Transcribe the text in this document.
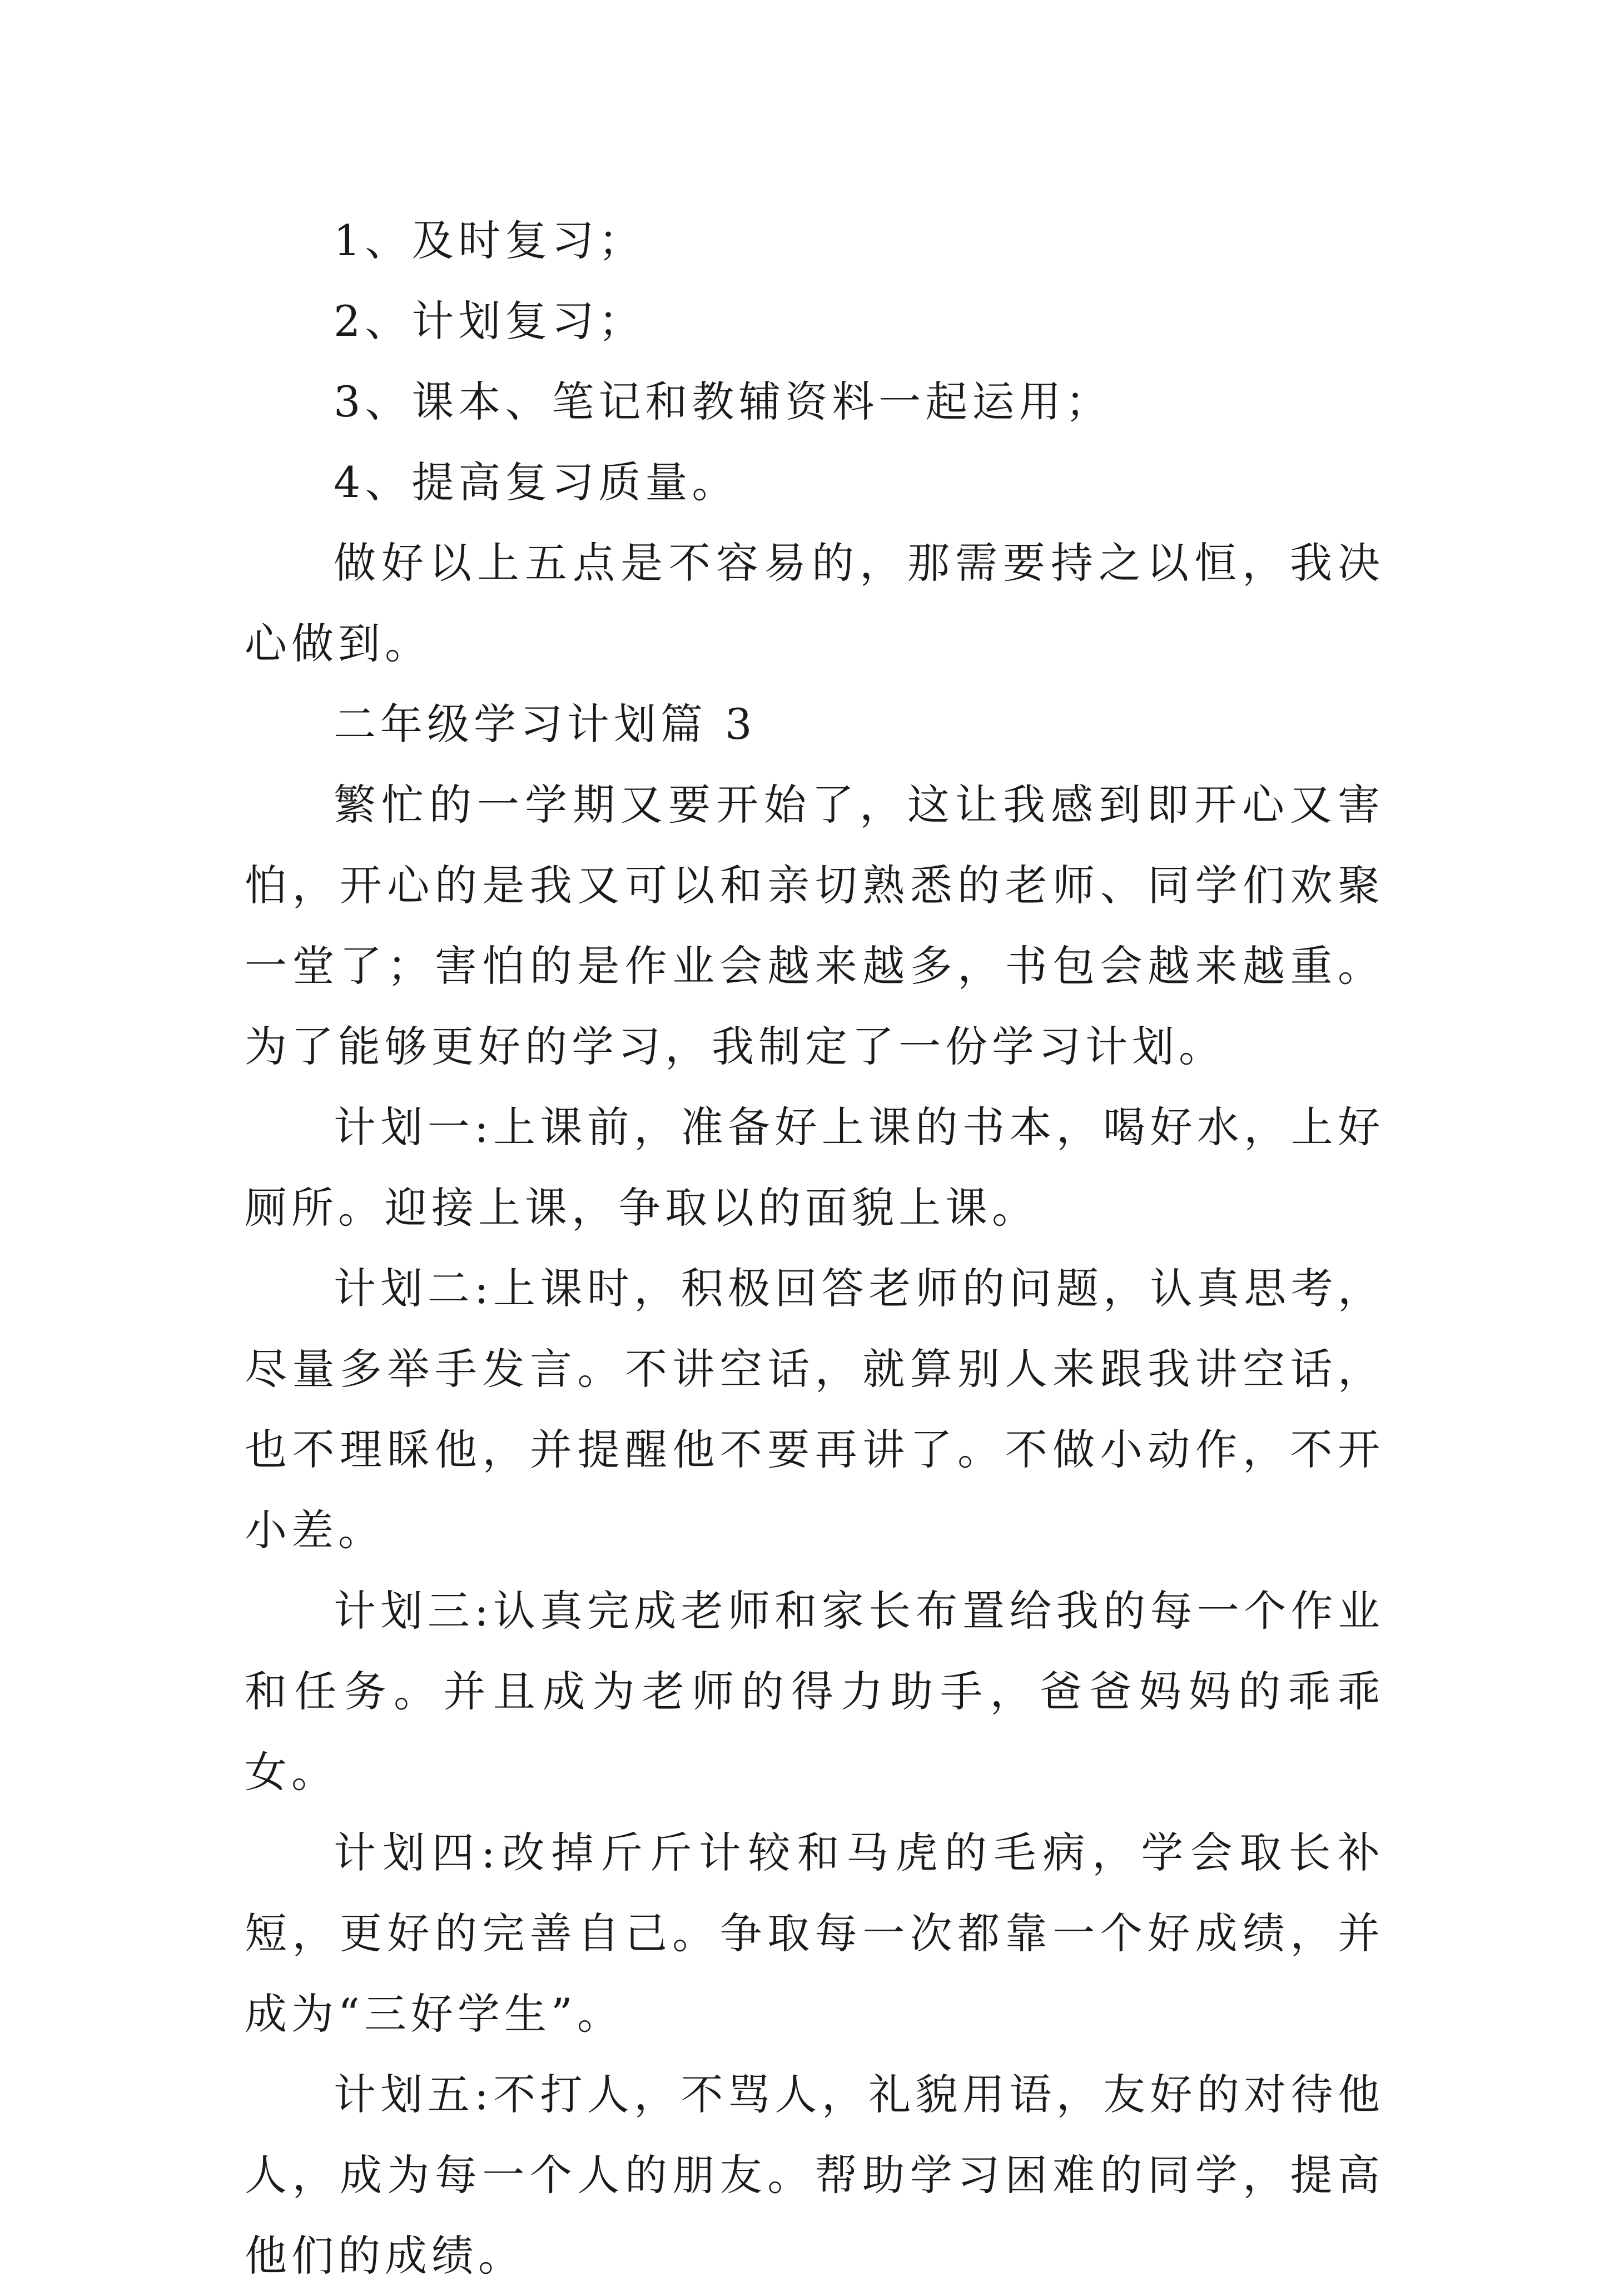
1、及时复习；

2、计划复习；

3、课本、笔记和教辅资料一起运用；

4、提高复习质量。

做好以上五点是不容易的，那需要持之以恒，我决心做到。

二年级学习计划篇 3

繁忙的一学期又要开始了，这让我感到即开心又害怕，开心的是我又可以和亲切熟悉的老师、同学们欢聚一堂了；害怕的是作业会越来越多，书包会越来越重。为了能够更好的学习，我制定了一份学习计划。

计划一:上课前，准备好上课的书本，喝好水，上好厕所。迎接上课，争取以的面貌上课。

计划二:上课时，积极回答老师的问题，认真思考，尽量多举手发言。不讲空话，就算别人来跟我讲空话，也不理睬他，并提醒他不要再讲了。不做小动作，不开小差。

计划三:认真完成老师和家长布置给我的每一个作业和任务。并且成为老师的得力助手，爸爸妈妈的乖乖女。

计划四:改掉斤斤计较和马虎的毛病，学会取长补短，更好的完善自己。争取每一次都靠一个好成绩，并成为“三好学生”。

计划五:不打人，不骂人，礼貌用语，友好的对待他人，成为每一个人的朋友。帮助学习困难的同学，提高他们的成绩。
